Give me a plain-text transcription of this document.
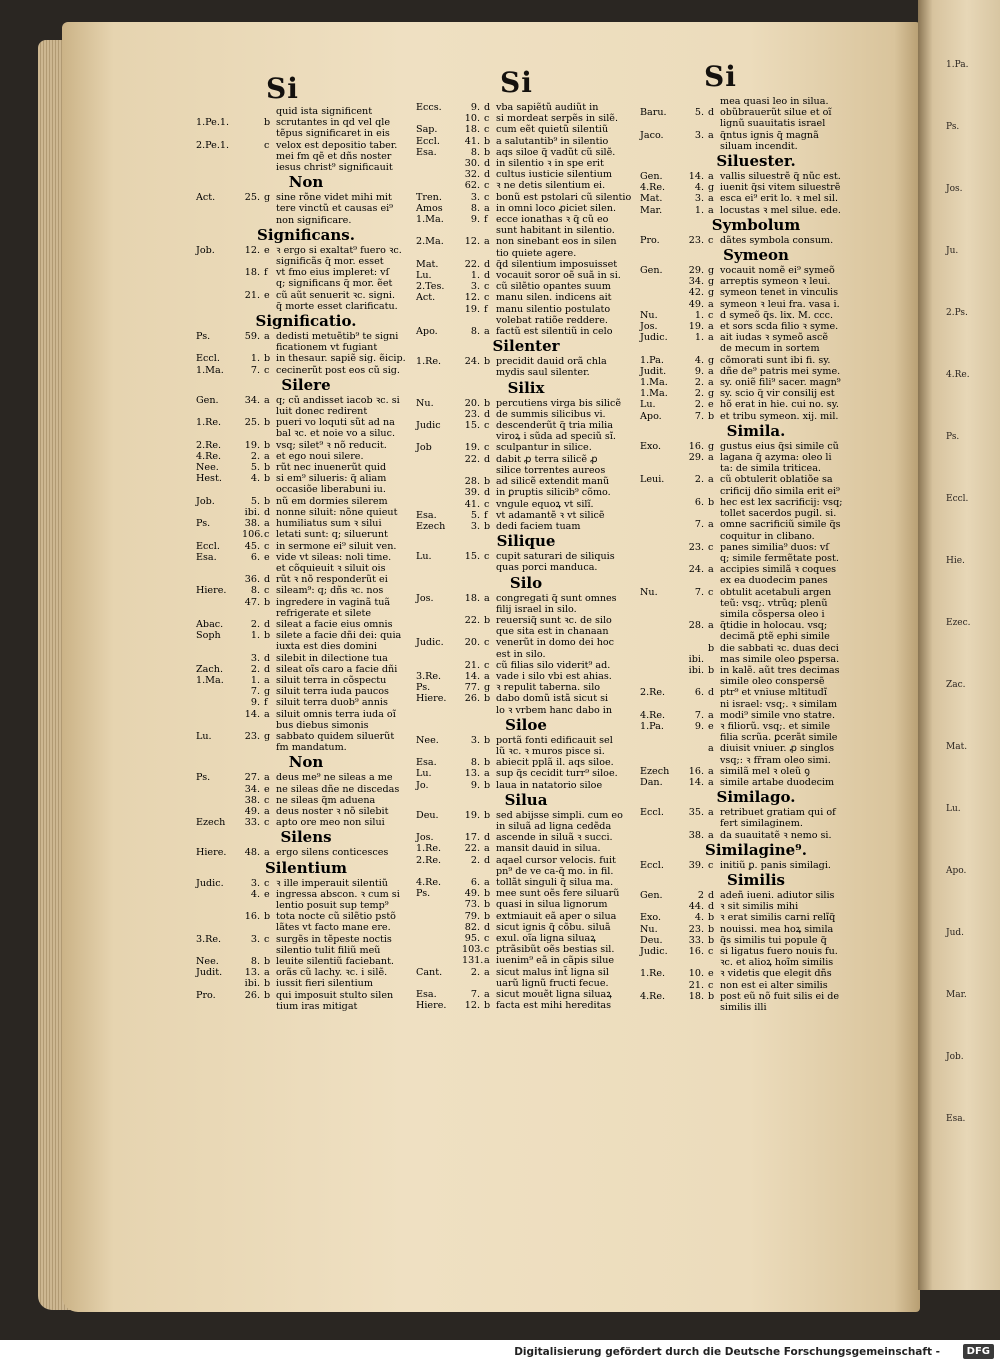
1.Pa.
Ps.
Jos.
Ju.
2.Ps.
4.Re.
Ps.
Eccl.
Hie.
Ezec.
Zac.
Mat.
Lu.
Apo.
Jud.
Mar.
Job.
Esa.
Si	Si	Si
quid ista significent
1.Pe.1.	b scrutantes in qd vel qle
tẽpus significaret in eis
2.Pe.1.	c velox est depositio taber.
mei fm qẽ et dñs noster
iesus christ⁹ significauit
Non
Act.	25. g sine rõne videt mihi mit
tere vinctũ et causas ei⁹
non significare.
Significans.
Job.	12. e ꝛ ergo si exaltat⁹ fuero ꝛc.
significãs q̃ mor. esset
18. f vt fmo eius impleret: vſ
q; significans q̃ mor. ẽet
21. e cũ aũt senuerit ꝛc. signi.
q̃ morte esset clarificatu.
Significatio.
Ps.	59. a dedisti metuẽtib⁹ te signi
ficationem vt fugiant
Eccl.	1. b in thesaur. sapiẽ sig. ẽicip.
1.Ma.	7. c cecinerũt post eos cũ sig.
Silere
Gen.	34. a q; cũ andisset iacob ꝛc. si
luit donec redirent
1.Re.	25. b pueri vo loquti sũt ad na
bal ꝛc. et noie vo a siluc.
2.Re.	19. b vsq; silet⁹ ꝛ nõ reducit.
4.Re.	2. a et ego noui silere.
Nee.	5. b rũt nec inuenerũt quid
Hest.	4. b si em⁹ silueris: q̃ aliam
occasiõe liberabuni iu.
Job.	5. b nũ em dormies silerem
ibi. d nonne siluit: nõne quieut
Ps.	38. a humiliatus sum ꝛ silui
106. c letati sunt: q; siluerunt
Eccl.	45. c in sermone ei⁹ siluit ven.
Esa.	6. e vide vt sileas: noli time.
et cõquieuit ꝛ siluit ois
36. d rũt ꝛ nõ responderũt ei
Hiere.	8. c sileam⁹: q; dñs ꝛc. nos
47. b ingredere in vaginã tuã
refrigerate et silete
Abac.	2. d sileat a facie eius omnis
Soph	1. b silete a facie dñi dei: quia
iuxta est dies domini
3. d silebit in dilectione tua
Zach.	2. d sileat oĩs caro a facie dñi
1.Ma.	1. a siluit terra in cõspectu
7. g siluit terra iuda paucos
9. f siluit terra duob⁹ annis
14. a siluit omnis terra iuda oĩ
bus diebus simonis
Lu.	23. g sabbato quidem siluerũt
fm mandatum.
Non
Ps.	27. a deus me⁹ ne sileas a me
34. e ne sileas dñe ne discedas
38. c ne sileas q̃m aduena
49. a deus noster ꝛ nõ silebit
Ezech	33. c apto ore meo non silui
Silens
Hiere.	48. a ergo silens conticesces
Silentium
Judic.	3. c ꝛ ille imperauit silentiũ
4. e ingressa abscon. ꝛ cum si
lentio posuit sup temp⁹
16. b tota nocte cũ silẽtio pstõ
lãtes vt facto mane ere.
3.Re.	3. c surgẽs in tẽpeste noctis
silentio tulit filiũ meũ
Nee.	8. b leuite silentiũ faciebant.
Judit.	13. a orãs cũ lachy. ꝛc. i silẽ.
ibi. b iussit fieri silentium
Pro.	26. b qui imposuit stulto silen
tium iras mitigat
Eccs.	9. d vba sapiẽtũ audiũt in
10. c si mordeat serpẽs in silẽ.
Sap.	18. c cum eẽt quietũ silentiũ
Eccl.	41. b a salutantib⁹ in silentio
Esa.	8. b aqs siloe q̃ vadũt cũ silẽ.
30. d in silentio ꝛ in spe erit
32. d cultus iusticie silentium
62. c ꝛ ne detis silentium ei.
Tren.	3. c bonũ est pstolari cũ silentio
Amos	8. a in omni loco ꝓiciet silen.
1.Ma.	9. f ecce ionathas ꝛ q̃ cũ eo
sunt habitant in silentio.
2.Ma.	12. a non sinebant eos in silen
tio quiete agere.
Mat.	22. d q̃d silentium imposuisset
Lu.	1. d vocauit soror oẽ suã in si.
2.Tes.	3. c cũ silẽtio opantes suum
Act.	12. c manu silen. indicens ait
19. f manu silentio postulato
volebat ratiõe reddere.
Apo.	8. a factũ est silentiũ in celo
Silenter
1.Re.	24. b precidit dauid orã chla
mydis saul silenter.
Silix
Nu.	20. b percutiens virga bis silicẽ
23. d de summis silicibus vi.
Judic	15. c descenderũt q̃ tria milia
viroꝝ i sũda ad speciũ sĩ.
Job	19. c sculpantur in silice.
22. d dabit ꝓ terra silicẽ ꝓ
silice torrentes aureos
28. b ad silicẽ extendit manũ
39. d in ꝑruptis silicib⁹ cõmo.
41. c vngule equoꝝ vt silĩ.
Esa.	5. f vt adamantẽ ꝛ vt silicẽ
Ezech	3. b dedi faciem tuam
Silique
Lu.	15. c cupit saturari de siliquis
quas porci manduca.
Silo
Jos.	18. a congregati q̃ sunt omnes
filij israel in silo.
22. b reuersiq̃ sunt ꝛc. de silo
que sita est in chanaan
Judic.	20. c venerũt in domo dei hoc
est in silo.
21. c cũ filias silo viderit⁹ ad.
3.Re.	14. a vade i silo vbi est ahias.
Ps.	77. g ꝛ repulit taberna. silo
Hiere.	26. b dabo domũ istã sicut si
lo ꝛ vrbem hanc dabo in
Siloe
Nee.	3. b portã fonti edificauit sel
lũ ꝛc. ꝛ muros pisce si.
Esa.	8. b abiecit pplã il. aqs siloe.
Lu.	13. a sup q̃s cecidit turr⁹ siloe.
Jo.	9. b laua in natatorio siloe
Silua
Deu.	19. b sed abijsse simpli. cum eo
in siluã ad ligna cedẽda
Jos.	17. d ascende in siluã ꝛ succi.
1.Re.	22. a mansit dauid in silua.
2.Re.	2. d aqael cursor velocis. fuit
pn⁹ de ve ca-q̃ mo. in fil.
4.Re.	6. a tollãt singuli q̃ silua ma.
Ps.	49. b mee sunt oẽs fere siluarũ
73. b quasi in silua lignorum
79. b extmiauit eã aper o silua
82. d sicut ignis q̃ cõbu. siluã
95. c exul. oĩa ligna siluaꝝ
103. c ptrãsibũt oẽs bestias sil.
131. a iuenim⁹ eã in cãpis silue
Cant.	2. a sicut malus int̃ ligna sil
uarũ lignũ fructi fecue.
Esa.	7. a sicut mouẽt ligna siluaꝝ
Hiere.	12. b facta est mihi hereditas
mea quasi leo in silua.
Baru.	5. d obũbrauerũt silue et oĩ
lignũ suauitatis israel
Jaco.	3. a q̃ntus ignis q̃ magnã
siluam incendit.
Siluester.
Gen.	14. a vallis siluestrẽ q̃ nũc est.
4.Re.	4. g iuenit q̃si vitem siluestrẽ
Mat.	3. a esca ei⁹ erit lo. ꝛ mel sil.
Mar.	1. a locustas ꝛ mel silue. ede.
Symbolum
Pro.	23. c dãtes symbola consum.
Symeon
Gen.	29. g vocauit nomẽ ei⁹ symeõ
34. g arreptis symeon ꝛ leui.
42. g symeon tenet in vinculis
49. a symeon ꝛ leui fra. vasa i.
Nu.	1. c d symeõ q̃s. lix. M. ccc.
Jos.	19. a et sors scda filio ꝛ syme.
Judic.	1. a ait iudas ꝛ symeõ ascẽ
de mecum in sortem
1.Pa.	4. g cõmorati sunt ibi fi. sy.
Judit.	9. a dñe de⁹ patris mei syme.
1.Ma.	2. a sy. oniẽ fili⁹ sacer. magn⁹
1.Ma.	2. g sy. scio q̃ vir consilij est
Lu.	2. e hõ erat in hie. cui no. sy.
Apo.	7. b et tribu symeon. xij. mil.
Simila.
Exo.	16. g gustus eius q̃si simile cũ
29. a lagana q̃ azyma: oleo li
ta: de simila triticea.
Leui.	2. a cũ obtulerit oblatiõe sa
crificij dño simila erit ei⁹
6. b hec est lex sacrificij: vsq;
tollet sacerdos pugil. si.
7. a omne sacrificiũ simile q̃s
coquitur in clibano.
23. c panes similia⁹ duos: vſ
q; simile fermẽtate post.
24. a accipies similã ꝛ coques
ex ea duodecim panes
Nu.	7. c obtulit acetabuli argen
teũ: vsq;. vtrũq; plenũ
simila cõspersa oleo i
28. a q̃tidie in holocau. vsq;
decimã ꝑtẽ ephi simile
b die sabbati ꝛc. duas deci
ibi.	mas simile oleo ꝑspersa.
ibi. b in kalẽ. aũt tres decimas
simile oleo conspersẽ
2.Re.	6. d ptr⁹ et vniuse mltitudĩ
ni israel: vsq;. ꝛ similam
4.Re.	7. a modi⁹ simile vno statre.
1.Pa.	9. e ꝛ filiorũ. vsq;. et simile
filia scrũa. ꝑcerãt simile
a diuisit vniuer. ꝓ singlos
vsq;: ꝛ fr̃ram oleo simi.
Ezech	16. a similã mel ꝛ oleũ ꝯ
Dan.	14. a simile artabe duodecim
Similago.
Eccl.	35. a retribuet gratiam qui of
fert similaginem.
38. a da suauitatẽ ꝛ nemo si.
Similagine⁹.
Eccl.	39. c initiũ ꝑ. panis similagi.
Similis
Gen.	2 d adeñ iueni. adiutor silis
44. d ꝛ sit similis mihi
Exo.	4. b ꝛ erat similis carni relĩq̃
Nu.	23. b nouissi. mea hoꝝ simila
Deu.	33. b q̃s similis tui popule q̃
Judic.	16. c si ligatus fuero nouis fu.
ꝛc. et alioꝝ hoĩm similis
1.Re.	10. e ꝛ videtis que elegit dñs
21. c non est ei alter similis
4.Re.	18. b post eũ nõ fuit silis ei de
similis illi
Digitalisierung gefördert durch die Deutsche Forschungsgemeinschaft -	DFG
